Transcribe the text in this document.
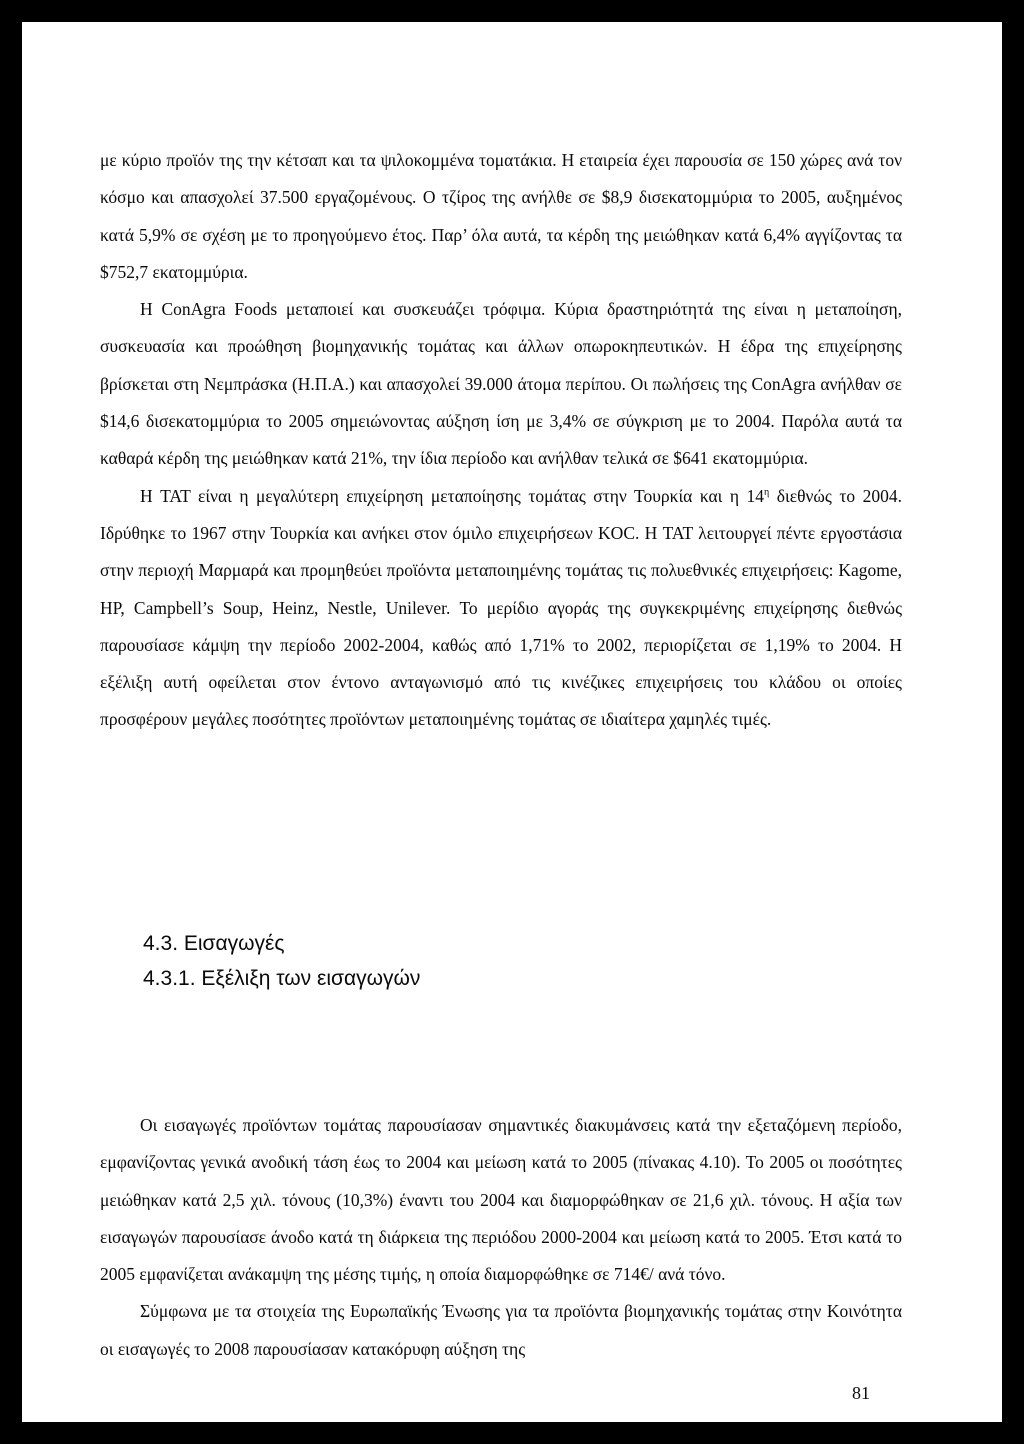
με κύριο προϊόν της την κέτσαπ και τα ψιλοκομμένα τοματάκια. Η εταιρεία έχει παρουσία σε 150 χώρες ανά τον κόσμο και απασχολεί 37.500 εργαζομένους. Ο τζίρος της ανήλθε σε $8,9 δισεκατομμύρια το 2005, αυξημένος κατά 5,9% σε σχέση με το προηγούμενο έτος. Παρ’ όλα αυτά, τα κέρδη της μειώθηκαν κατά 6,4% αγγίζοντας τα $752,7 εκατομμύρια.

Η ConAgra Foods μεταποιεί και συσκευάζει τρόφιμα. Κύρια δραστηριότητά της είναι η μεταποίηση, συσκευασία και προώθηση βιομηχανικής τομάτας και άλλων οπωροκηπευτικών. Η έδρα της επιχείρησης βρίσκεται στη Νεμπράσκα (Η.Π.Α.) και απασχολεί 39.000 άτομα περίπου. Οι πωλήσεις της ConAgra ανήλθαν σε $14,6 δισεκατομμύρια το 2005 σημειώνοντας αύξηση ίση με 3,4% σε σύγκριση με το 2004. Παρόλα αυτά τα καθαρά κέρδη της μειώθηκαν κατά 21%, την ίδια περίοδο και ανήλθαν τελικά σε $641 εκατομμύρια.

Η TAT είναι η μεγαλύτερη επιχείρηση μεταποίησης τομάτας στην Τουρκία και η $14^\eta$ διεθνώς το 2004. Ιδρύθηκε το 1967 στην Τουρκία και ανήκει στον όμιλο επιχειρήσεων KOC. Η TAT λειτουργεί πέντε εργοστάσια στην περιοχή Μαρμαρά και προμηθεύει προϊόντα μεταποιημένης τομάτας τις πολυεθνικές επιχειρήσεις: Kagome, HP, Campbell’s Soup, Heinz, Nestle, Unilever. Το μερίδιο αγοράς της συγκεκριμένης επιχείρησης διεθνώς παρουσίασε κάμψη την περίοδο 2002-2004, καθώς από 1,71% το 2002, περιορίζεται σε 1,19% το 2004. Η εξέλιξη αυτή οφείλεται στον έντονο ανταγωνισμό από τις κινέζικες επιχειρήσεις του κλάδου οι οποίες προσφέρουν μεγάλες ποσότητες προϊόντων μεταποιημένης τομάτας σε ιδιαίτερα χαμηλές τιμές.

4.3. Εισαγωγές
4.3.1. Εξέλιξη των εισαγωγών

Οι εισαγωγές προϊόντων τομάτας παρουσίασαν σημαντικές διακυμάνσεις κατά την εξεταζόμενη περίοδο, εμφανίζοντας γενικά ανοδική τάση έως το 2004 και μείωση κατά το 2005 (πίνακας 4.10). Το 2005 οι ποσότητες μειώθηκαν κατά 2,5 χιλ. τόνους (10,3%) έναντι του 2004 και διαμορφώθηκαν σε 21,6 χιλ. τόνους. Η αξία των εισαγωγών παρουσίασε άνοδο κατά τη διάρκεια της περιόδου 2000-2004 και μείωση κατά το 2005. Έτσι κατά το 2005 εμφανίζεται ανάκαμψη της μέσης τιμής, η οποία διαμορφώθηκε σε 714€/ ανά τόνο.

Σύμφωνα με τα στοιχεία της Ευρωπαϊκής Ένωσης για τα προϊόντα βιομηχανικής τομάτας στην Κοινότητα οι εισαγωγές το 2008 παρουσίασαν κατακόρυφη αύξηση της

81
